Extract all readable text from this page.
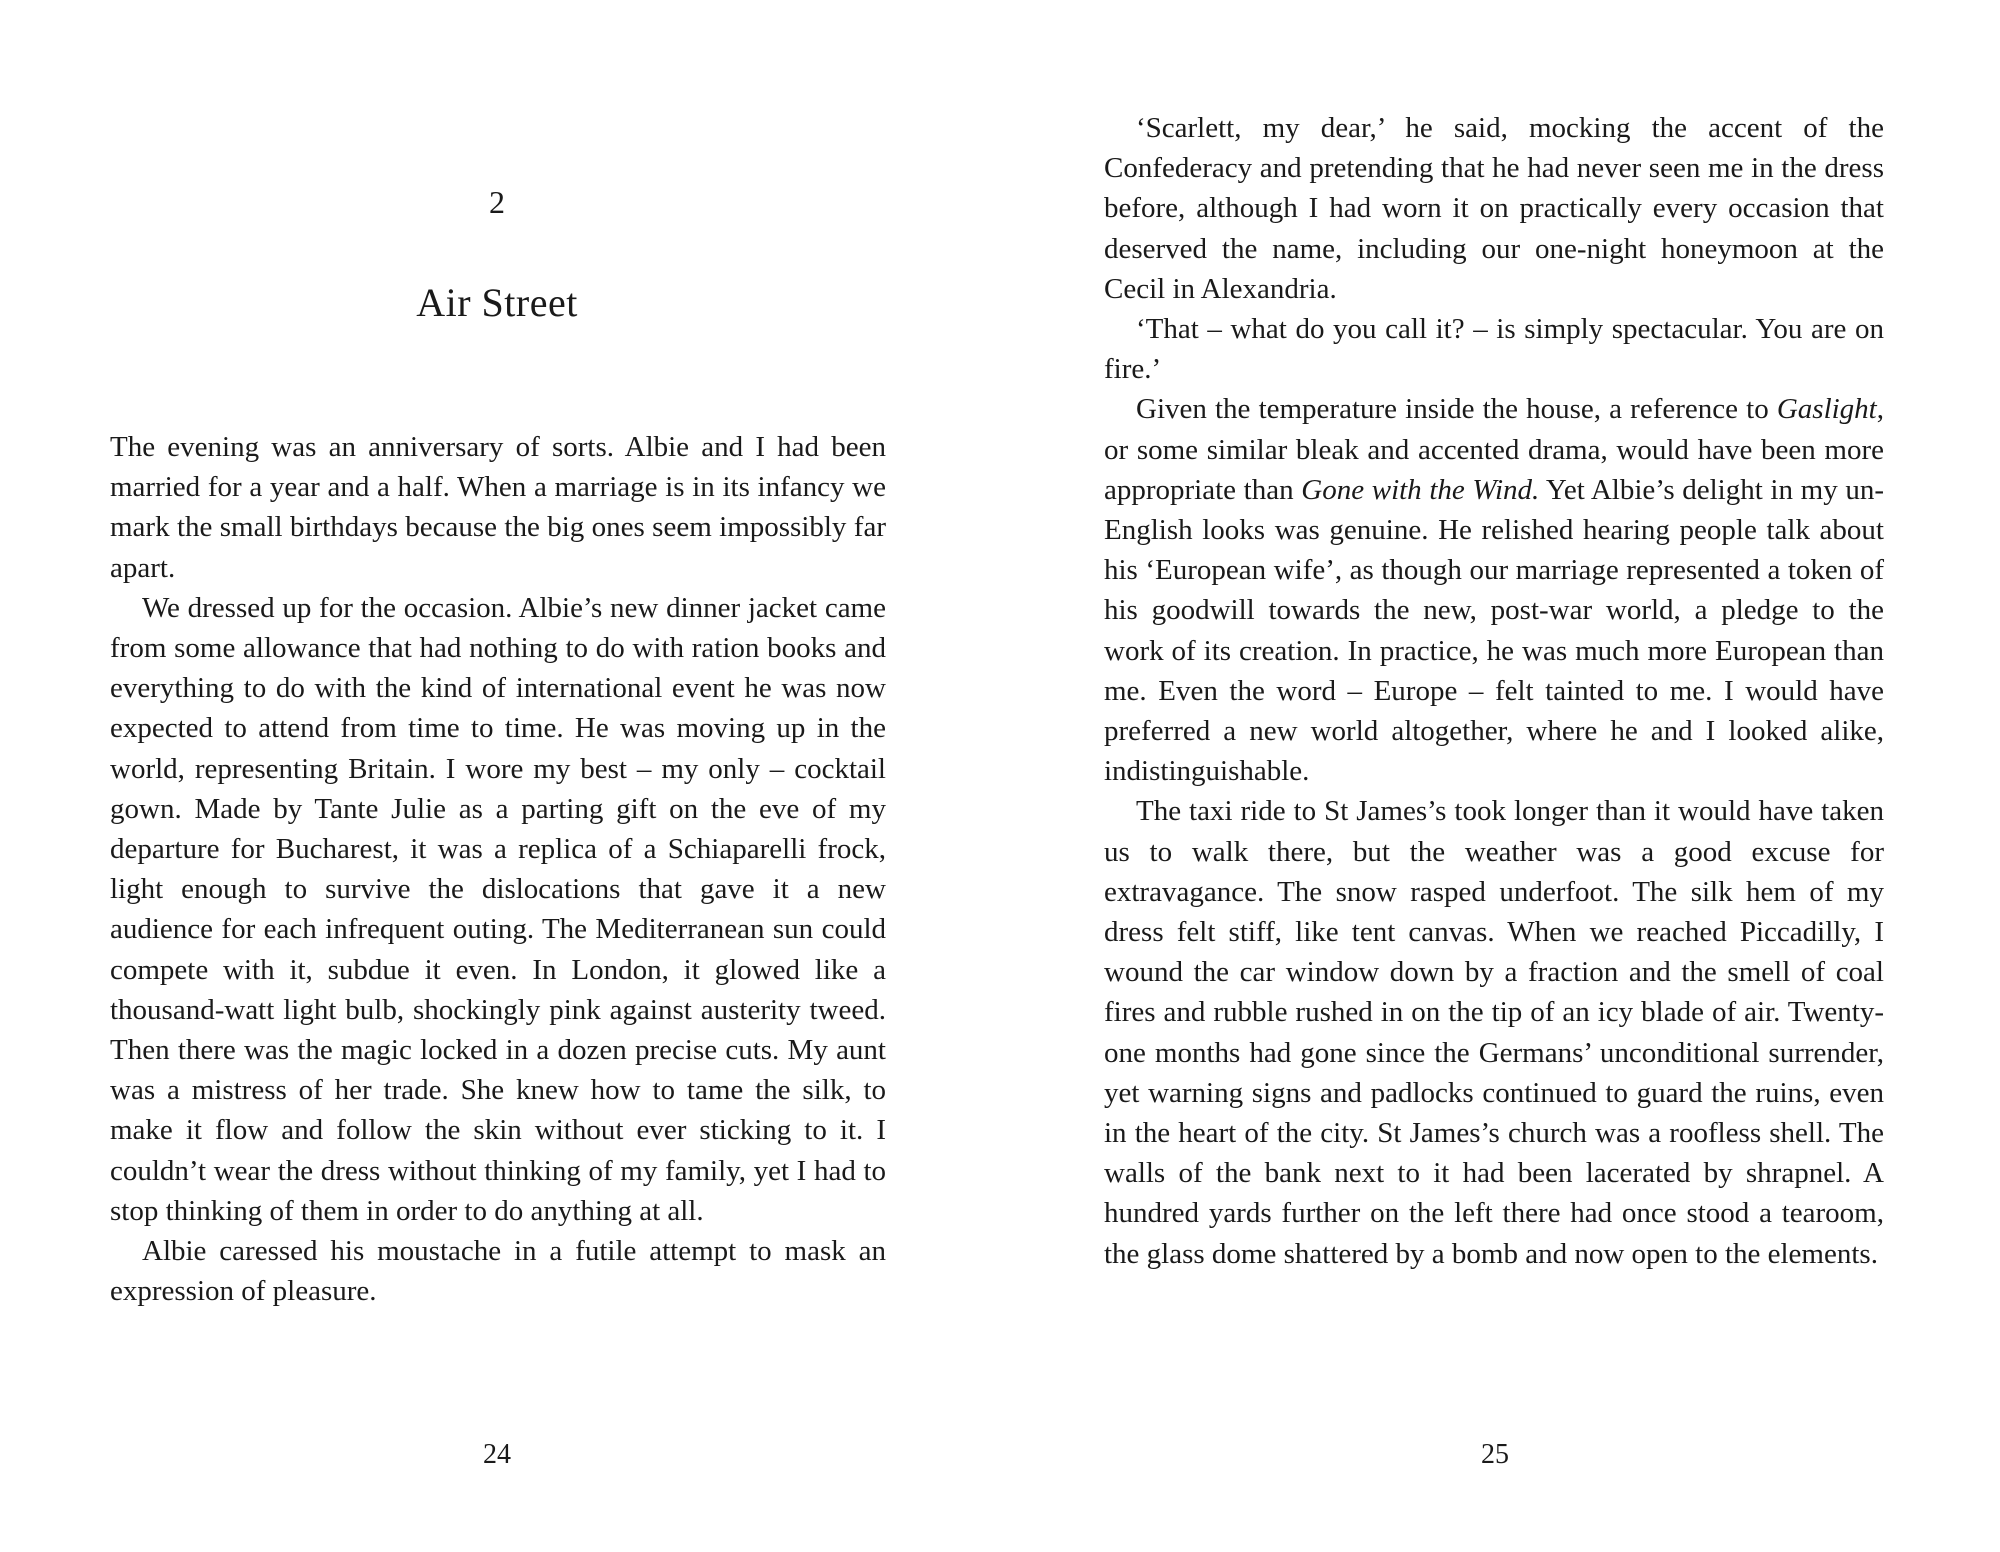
2
Air Street

The evening was an anniversary of sorts. Albie and I had been married for a year and a half. When a marriage is in its infancy we mark the small birthdays because the big ones seem impossibly far apart.

We dressed up for the occasion. Albie’s new dinner jacket came from some allowance that had nothing to do with ration books and everything to do with the kind of international event he was now expected to attend from time to time. He was moving up in the world, representing Britain. I wore my best – my only – cocktail gown. Made by Tante Julie as a parting gift on the eve of my departure for Bucharest, it was a replica of a Schiaparelli frock, light enough to survive the dislocations that gave it a new audience for each infrequent outing. The Mediterranean sun could compete with it, subdue it even. In London, it glowed like a thousand-watt light bulb, shockingly pink against austerity tweed. Then there was the magic locked in a dozen precise cuts. My aunt was a mistress of her trade. She knew how to tame the silk, to make it flow and follow the skin without ever sticking to it. I couldn’t wear the dress without thinking of my family, yet I had to stop thinking of them in order to do anything at all.

Albie caressed his moustache in a futile attempt to mask an expression of pleasure.

24

‘Scarlett, my dear,’ he said, mocking the accent of the Confederacy and pretending that he had never seen me in the dress before, although I had worn it on practically every occasion that deserved the name, including our one-night honeymoon at the Cecil in Alexandria.

‘That – what do you call it? – is simply spectacular. You are on fire.’

Given the temperature inside the house, a reference to Gaslight, or some similar bleak and accented drama, would have been more appropriate than Gone with the Wind. Yet Albie’s delight in my un-English looks was genuine. He relished hearing people talk about his ‘European wife’, as though our marriage represented a token of his goodwill towards the new, post-war world, a pledge to the work of its creation. In practice, he was much more European than me. Even the word – Europe – felt tainted to me. I would have preferred a new world altogether, where he and I looked alike, indistinguishable.

The taxi ride to St James’s took longer than it would have taken us to walk there, but the weather was a good excuse for extravagance. The snow rasped underfoot. The silk hem of my dress felt stiff, like tent canvas. When we reached Piccadilly, I wound the car window down by a fraction and the smell of coal fires and rubble rushed in on the tip of an icy blade of air. Twenty-one months had gone since the Germans’ unconditional surrender, yet warning signs and padlocks continued to guard the ruins, even in the heart of the city. St James’s church was a roofless shell. The walls of the bank next to it had been lacerated by shrapnel. A hundred yards further on the left there had once stood a tearoom, the glass dome shattered by a bomb and now open to the elements.

25
